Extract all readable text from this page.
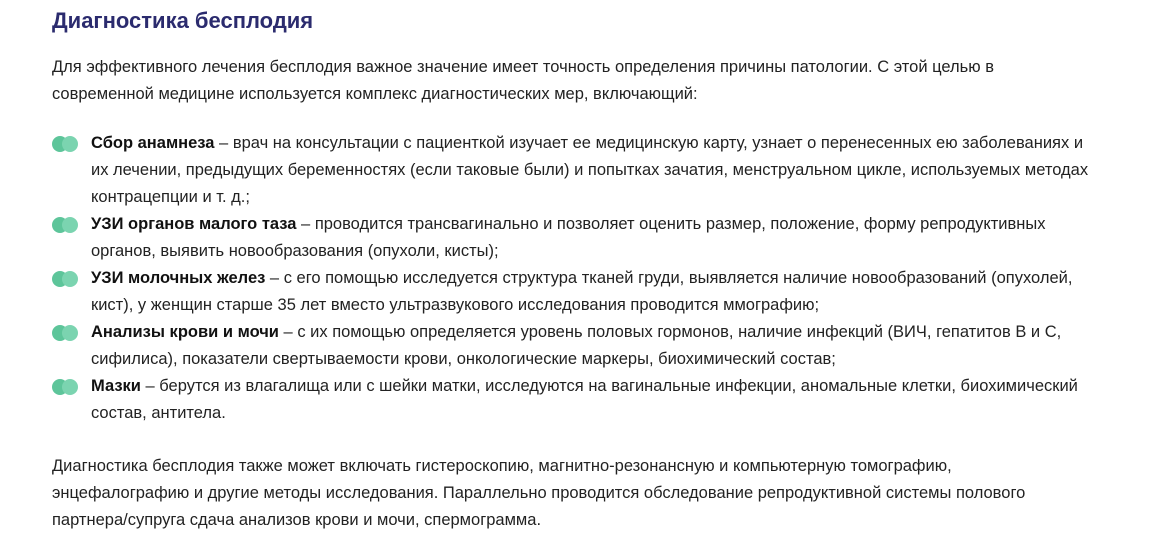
Диагностика бесплодия

Для эффективного лечения бесплодия важное значение имеет точность определения причины патологии. С этой целью в современной медицине используется комплекс диагностических мер, включающий:

Сбор анамнеза – врач на консультации с пациенткой изучает ее медицинскую карту, узнает о перенесенных ею заболеваниях и их лечении, предыдущих беременностях (если таковые были) и попытках зачатия, менструальном цикле, используемых методах контрацепции и т. д.;
УЗИ органов малого таза – проводится трансвагинально и позволяет оценить размер, положение, форму репродуктивных органов, выявить новообразования (опухоли, кисты);
УЗИ молочных желез – с его помощью исследуется структура тканей груди, выявляется наличие новообразований (опухолей, кист), у женщин старше 35 лет вместо ультразвукового исследования проводится ммографию;
Анализы крови и мочи – с их помощью определяется уровень половых гормонов, наличие инфекций (ВИЧ, гепатитов В и С, сифилиса), показатели свертываемости крови, онкологические маркеры, биохимический состав;
Мазки – берутся из влагалища или с шейки матки, исследуются на вагинальные инфекции, аномальные клетки, биохимический состав, антитела.

Диагностика бесплодия также может включать гистероскопию, магнитно-резонансную и компьютерную томографию, энцефалографию и другие методы исследования. Параллельно проводится обследование репродуктивной системы полового партнера/супруга сдача анализов крови и мочи, спермограмма.
